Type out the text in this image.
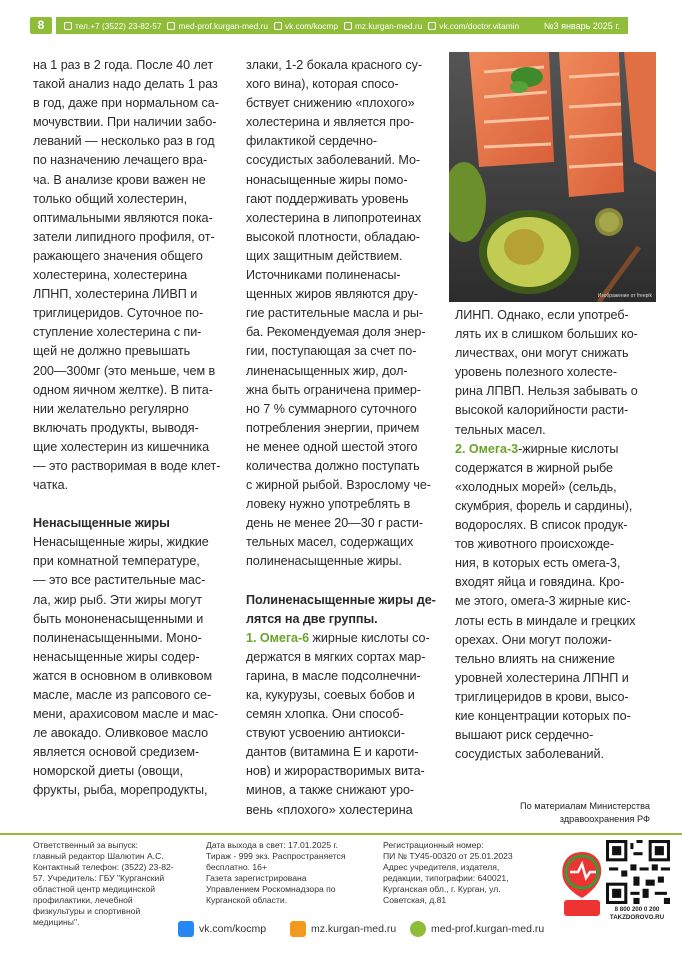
8	тел.+7 (3522) 23-82-57 med-prof.kurgan-med.ru vk.com/kocmp mz.kurgan-med.ru vk.com/doctor.vitamin	№3 январь 2025 г.

на 1 раз в 2 года. После 40 лет
такой анализ надо делать 1 раз
в год, даже при нормальном са-
мочувствии. При наличии забо-
леваний — несколько раз в год
по назначению лечащего вра-
ча. В анализе крови важен не
только общий холестерин,
оптимальными являются пока-
затели липидного профиля, от-
ражающего значения общего
холестерина, холестерина
ЛПНП, холестерина ЛИВП и
триглицеридов. Суточное по-
ступление холестерина с пи-
щей не должно превышать
200—300мг (это меньше, чем в
одном яичном желтке). В пита-
нии желательно регулярно
включать продукты, выводя-
щие холестерин из кишечника
— это растворимая в воде клет-
чатка.

Ненасыщенные жиры

Ненасыщенные жиры, жидкие
при комнатной температуре,
— это все растительные мас-
ла, жир рыб. Эти жиры могут
быть мононенасыщенными и
полиненасыщенными. Моно-
ненасыщенные жиры содер-
жатся в основном в оливковом
масле, масле из рапсового се-
мени, арахисовом масле и мас-
ле авокадо. Оливковое масло
является основой средизем-
номорской диеты (овощи,
фрукты, рыба, морепродукты,

злаки, 1-2 бокала красного су-
хого вина), которая спосо-
бствует снижению «плохого»
холестерина и является про-
филактикой сердечно-
сосудистых заболеваний. Мо-
нонасыщенные жиры помо-
гают поддерживать уровень
холестерина в липопротеинах
высокой плотности, обладаю-
щих защитным действием.
Источниками полиненасы-
щенных жиров являются дру-
гие растительные масла и ры-
ба. Рекомендуемая доля энер-
гии, поступающая за счет по-
линенасыщенных жир, дол-
жна быть ограничена пример-
но 7 % суммарного суточного
потребления энергии, причем
не менее одной шестой этого
количества должно поступать
с жирной рыбой. Взрослому че-
ловеку нужно употреблять в
день не менее 20—30 г расти-
тельных масел, содержащих
полиненасыщенные жиры.

Полиненасыщенные жиры де-
лятся на две группы.

1. Омега-6 жирные кислоты со-
держатся в мягких сортах мар-
гарина, в масле подсолнечни-
ка, кукурузы, соевых бобов и
семян хлопка. Они способ-
ствуют усвоению антиокси-
дантов (витамина Е и кароти-
нов) и жирорастворимых вита-
минов, а также снижают уро-
вень «плохого» холестерина

Изображение от freepik

ЛИНП. Однако, если употреб-
лять их в слишком больших ко-
личествах, они могут снижать
уровень полезного холесте-
рина ЛПВП. Нельзя забывать о
высокой калорийности расти-
тельных масел.

2. Омега-3-жирные кислоты
содержатся в жирной рыбе
«холодных морей» (сельдь,
скумбрия, форель и сардины),
водорослях. В список продук-
тов животного происхожде-
ния, в которых есть омега-3,
входят яйца и говядина. Кро-
ме этого, омега-3 жирные кис-
лоты есть в миндале и грецких
орехах. Они могут положи-
тельно влиять на снижение
уровней холестерина ЛПНП и
триглицеридов в крови, высо-
кие концентрации которых по-
вышают риск сердечно-
сосудистых заболеваний.

По материалам Министерства
здравоохранения РФ
Ответственный за выпуск:
главный редактор Шалютин А.С.
Контактный телефон: (3522) 23-82-
57. Учредитель: ГБУ "Курганский
областной центр медицинской
профилактики, лечебной
физкультуры и спортивной
медицины".
Дата выхода в свет: 17.01.2025 г.
Тираж - 999 экз. Распространяется
бесплатно. 16+
Газета зарегистрирована
Управлением Роскомнадзора по
Курганской области.
Регистрационный номер:
ПИ № ТУ45-00320 от 25.01.2023
Адрес учредителя, издателя,
редакции, типографии: 640021,
Курганская обл., г. Курган, ул.
Советская, д.81
8 800 200 0 200
TAKZDOROVO.RU
vk.com/kocmp	mz.kurgan-med.ru	med-prof.kurgan-med.ru
